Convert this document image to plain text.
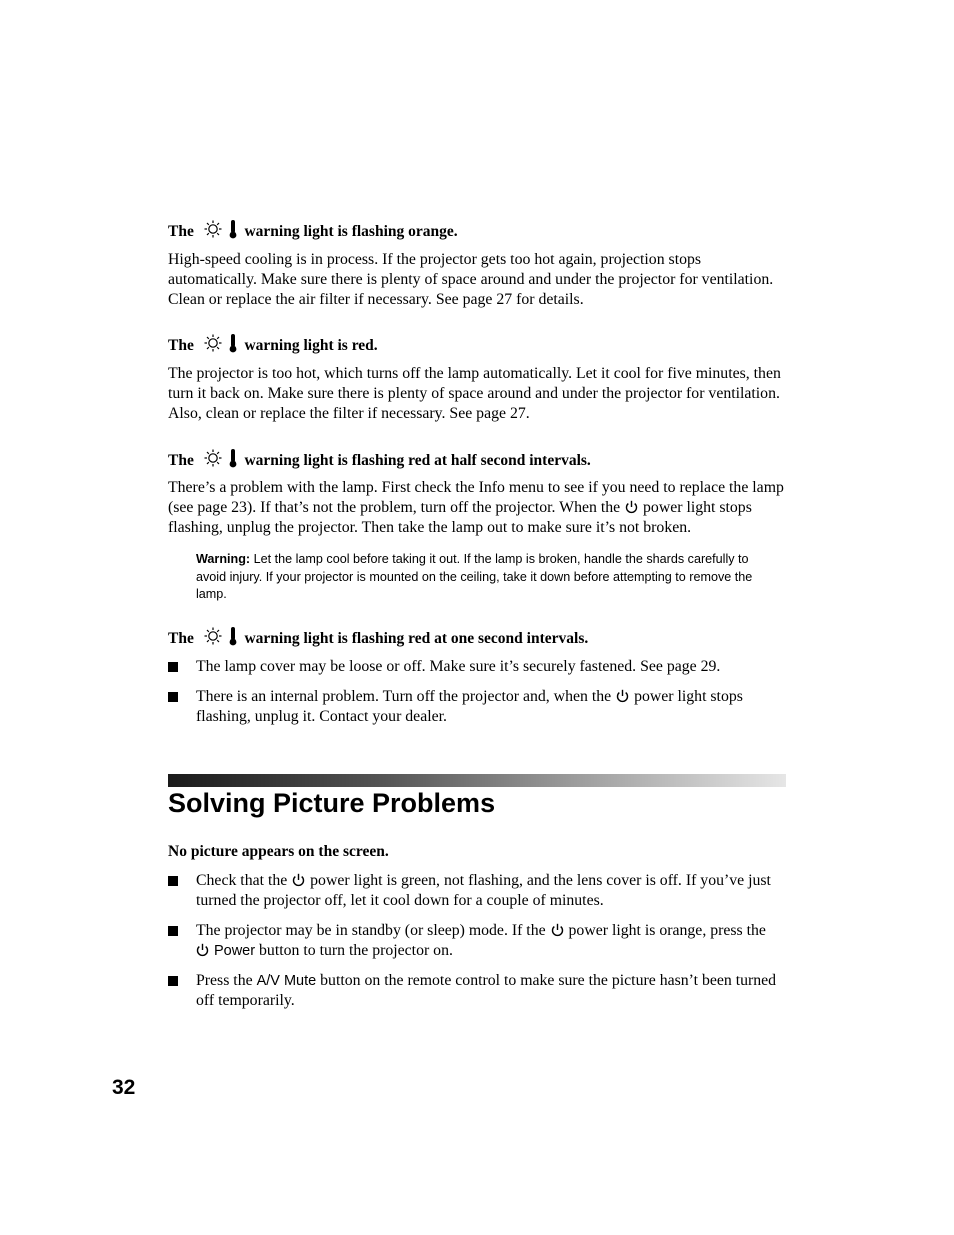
The	warning light is flashing orange.
High-speed cooling is in process. If the projector gets too hot again, projection stops automatically. Make sure there is plenty of space around and under the projector for ventilation. Clean or replace the air filter if necessary. See page 27 for details.
The	warning light is red.
The projector is too hot, which turns off the lamp automatically. Let it cool for five minutes, then turn it back on. Make sure there is plenty of space around and under the projector for ventilation. Also, clean or replace the filter if necessary. See page 27.
The	warning light is flashing red at half second intervals.
There’s a problem with the lamp. First check the Info menu to see if you need to replace the lamp (see page 23). If that’s not the problem, turn off the projector. When the power light stops flashing, unplug the projector. Then take the lamp out to make sure it’s not broken.
Warning: Let the lamp cool before taking it out. If the lamp is broken, handle the shards carefully to avoid injury. If your projector is mounted on the ceiling, take it down before attempting to remove the lamp.
The	warning light is flashing red at one second intervals.
The lamp cover may be loose or off. Make sure it’s securely fastened. See page 29.
There is an internal problem. Turn off the projector and, when the power light stops flashing, unplug it. Contact your dealer.
Solving Picture Problems
No picture appears on the screen.
Check that the power light is green, not flashing, and the lens cover is off. If you’ve just turned the projector off, let it cool down for a couple of minutes.
The projector may be in standby (or sleep) mode. If the power light is orange, press the
Power button to turn the projector on.
Press the A/V Mute button on the remote control to make sure the picture hasn’t been turned off temporarily.
32
